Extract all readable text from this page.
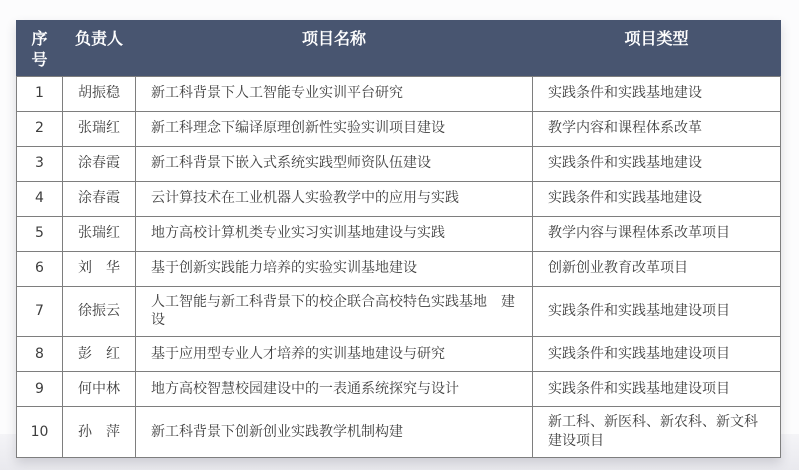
序号	负责人	项目名称	项目类型
1	胡振稳	新工科背景下人工智能专业实训平台研究	实践条件和实践基地建设
2	张瑞红	新工科理念下编译原理创新性实验实训项目建设	教学内容和课程体系改革
3	涂春霞	新工科背景下嵌入式系统实践型师资队伍建设	实践条件和实践基地建设
4	涂春霞	云计算技术在工业机器人实验教学中的应用与实践	实践条件和实践基地建设
5	张瑞红	地方高校计算机类专业实习实训基地建设与实践	教学内容与课程体系改革项目
6	刘　华	基于创新实践能力培养的实验实训基地建设	创新创业教育改革项目
7	徐振云	人工智能与新工科背景下的校企联合高校特色实践基地　建设	实践条件和实践基地建设项目
8	彭　红	基于应用型专业人才培养的实训基地建设与研究	实践条件和实践基地建设项目
9	何中林	地方高校智慧校园建设中的一表通系统探究与设计	实践条件和实践基地建设项目
10	孙　萍	新工科背景下创新创业实践教学机制构建	新工科、新医科、新农科、新文科建设项目
